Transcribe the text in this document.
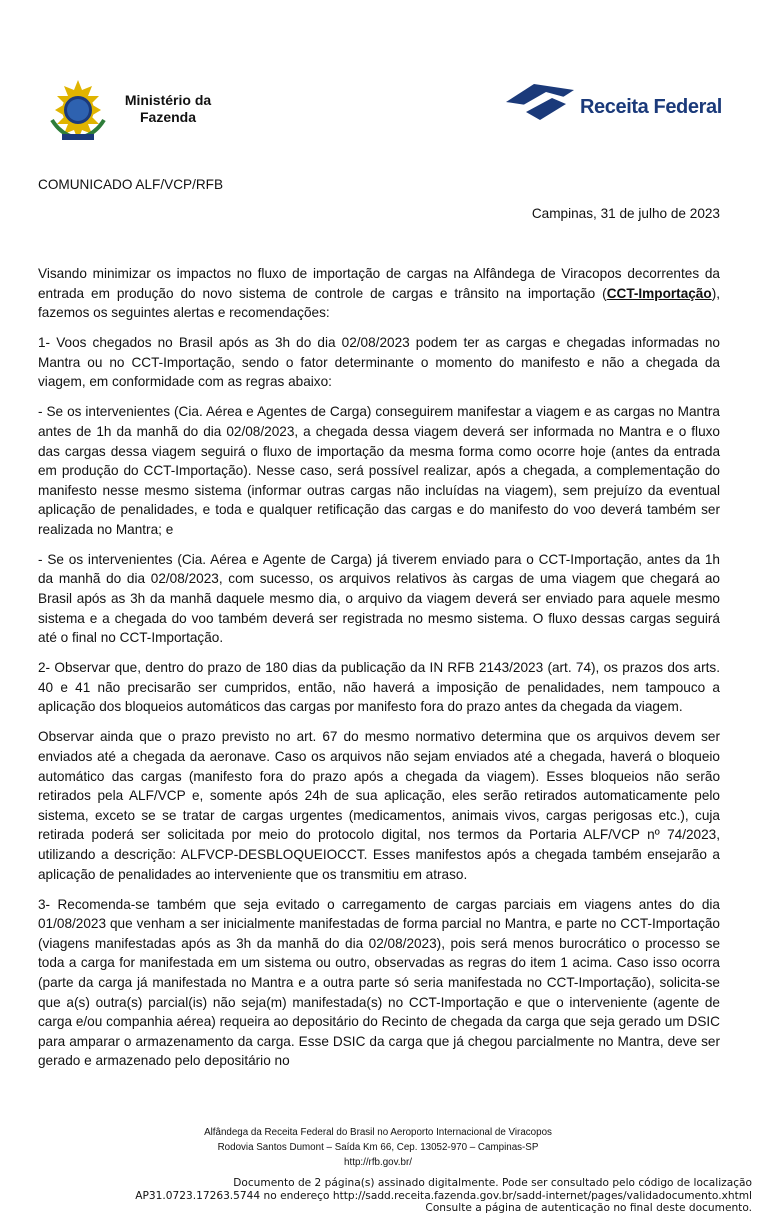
Ministério da
Fazenda	Receita Federal
COMUNICADO ALF/VCP/RFB
Campinas, 31 de julho de 2023

Visando minimizar os impactos no fluxo de importação de cargas na Alfândega de Viracopos decorrentes da entrada em produção do novo sistema de controle de cargas e trânsito na importação (CCT-Importação), fazemos os seguintes alertas e recomendações:

1- Voos chegados no Brasil após as 3h do dia 02/08/2023 podem ter as cargas e chegadas informadas no Mantra ou no CCT-Importação, sendo o fator determinante o momento do manifesto e não a chegada da viagem, em conformidade com as regras abaixo:

- Se os intervenientes (Cia. Aérea e Agentes de Carga) conseguirem manifestar a viagem e as cargas no Mantra antes de 1h da manhã do dia 02/08/2023, a chegada dessa viagem deverá ser informada no Mantra e o fluxo das cargas dessa viagem seguirá o fluxo de importação da mesma forma como ocorre hoje (antes da entrada em produção do CCT-Importação). Nesse caso, será possível realizar, após a chegada, a complementação do manifesto nesse mesmo sistema (informar outras cargas não incluídas na viagem), sem prejuízo da eventual aplicação de penalidades, e toda e qualquer retificação das cargas e do manifesto do voo deverá também ser realizada no Mantra; e

- Se os intervenientes (Cia. Aérea e Agente de Carga) já tiverem enviado para o CCT-Importação, antes da 1h da manhã do dia 02/08/2023, com sucesso, os arquivos relativos às cargas de uma viagem que chegará ao Brasil após as 3h da manhã daquele mesmo dia, o arquivo da viagem deverá ser enviado para aquele mesmo sistema e a chegada do voo também deverá ser registrada no mesmo sistema. O fluxo dessas cargas seguirá até o final no CCT-Importação.

2- Observar que, dentro do prazo de 180 dias da publicação da IN RFB 2143/2023 (art. 74), os prazos dos arts. 40 e 41 não precisarão ser cumpridos, então, não haverá a imposição de penalidades, nem tampouco a aplicação dos bloqueios automáticos das cargas por manifesto fora do prazo antes da chegada da viagem.

Observar ainda que o prazo previsto no art. 67 do mesmo normativo determina que os arquivos devem ser enviados até a chegada da aeronave. Caso os arquivos não sejam enviados até a chegada, haverá o bloqueio automático das cargas (manifesto fora do prazo após a chegada da viagem). Esses bloqueios não serão retirados pela ALF/VCP e, somente após 24h de sua aplicação, eles serão retirados automaticamente pelo sistema, exceto se se tratar de cargas urgentes (medicamentos, animais vivos, cargas perigosas etc.), cuja retirada poderá ser solicitada por meio do protocolo digital, nos termos da Portaria ALF/VCP nº 74/2023, utilizando a descrição: ALFVCP-DESBLOQUEIOCCT. Esses manifestos após a chegada também ensejarão a aplicação de penalidades ao interveniente que os transmitiu em atraso.

3- Recomenda-se também que seja evitado o carregamento de cargas parciais em viagens antes do dia 01/08/2023 que venham a ser inicialmente manifestadas de forma parcial no Mantra, e parte no CCT-Importação (viagens manifestadas após as 3h da manhã do dia 02/08/2023), pois será menos burocrático o processo se toda a carga for manifestada em um sistema ou outro, observadas as regras do item 1 acima. Caso isso ocorra (parte da carga já manifestada no Mantra e a outra parte só seria manifestada no CCT-Importação), solicita-se que a(s) outra(s) parcial(is) não seja(m) manifestada(s) no CCT-Importação e que o interveniente (agente de carga e/ou companhia aérea) requeira ao depositário do Recinto de chegada da carga que seja gerado um DSIC para amparar o armazenamento da carga. Esse DSIC da carga que já chegou parcialmente no Mantra, deve ser gerado e armazenado pelo depositário no

Alfândega da Receita Federal do Brasil no Aeroporto Internacional de Viracopos
Rodovia Santos Dumont – Saída Km 66, Cep. 13052-970 – Campinas-SP
http://rfb.gov.br/
Documento de 2 página(s) assinado digitalmente. Pode ser consultado pelo código de localização
AP31.0723.17263.5744 no endereço http://sadd.receita.fazenda.gov.br/sadd-internet/pages/validadocumento.xhtml
Consulte a página de autenticação no final deste documento.
